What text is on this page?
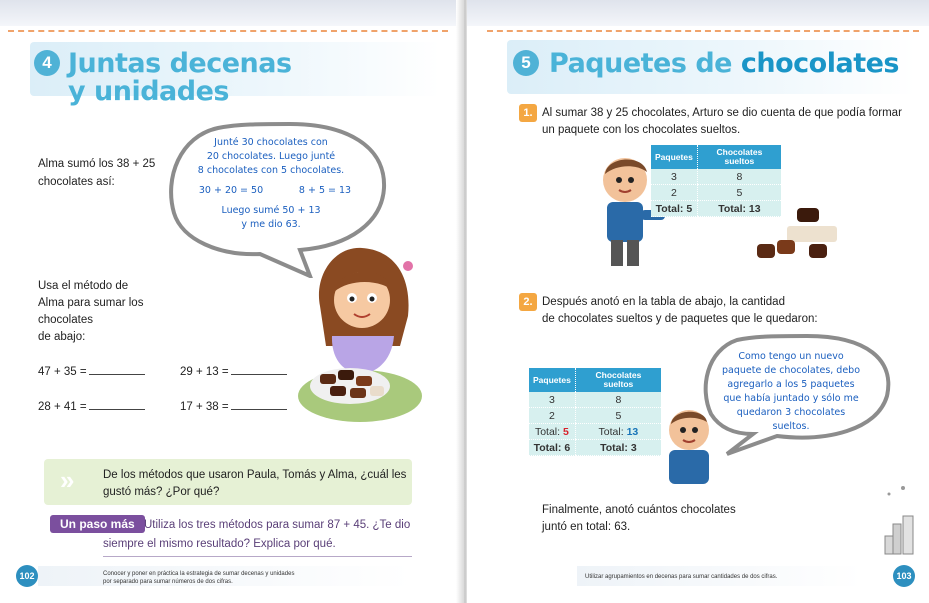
4 Juntas decenas
y unidades
Alma sumó los 38 + 25
chocolates así:
Junté 30 chocolates con
20 chocolates. Luego junté
8 chocolates con 5 chocolates.
30 + 20 = 50	8 + 5 = 13
Luego sumé 50 + 13
y me dio 63.
Usa el método de
Alma para sumar los
chocolates
de abajo:
47 + 35 =	29 + 13 =
28 + 41 =	17 + 38 =
» De los métodos que usaron Paula, Tomás y Alma, ¿cuál les
gustó más? ¿Por qué?
Un paso más Utiliza los tres métodos para sumar 87 + 45. ¿Te dio
siempre el mismo resultado? Explica por qué.
102	Conocer y poner en práctica la estrategia de sumar decenas y unidades
por separado para sumar números de dos cifras.
5 Paquetes de chocolates
1. Al sumar 38 y 25 chocolates, Arturo se dio cuenta de que podía formar
un paquete con los chocolates sueltos.
Paquetes	Chocolates sueltos
3	8
2	5
Total: 5	Total: 13
2. Después anotó en la tabla de abajo, la cantidad
de chocolates sueltos y de paquetes que le quedaron:
Paquetes	Chocolates sueltos
3	8
2	5
Total: 5	Total: 13
Total: 6	Total: 3
Como tengo un nuevo
paquete de chocolates, debo
agregarlo a los 5 paquetes
que había juntado y sólo me
quedaron 3 chocolates
sueltos.
Finalmente, anotó cuántos chocolates
juntó en total: 63.
Utilizar agrupamientos en decenas para sumar cantidades de dos cifras.	103
